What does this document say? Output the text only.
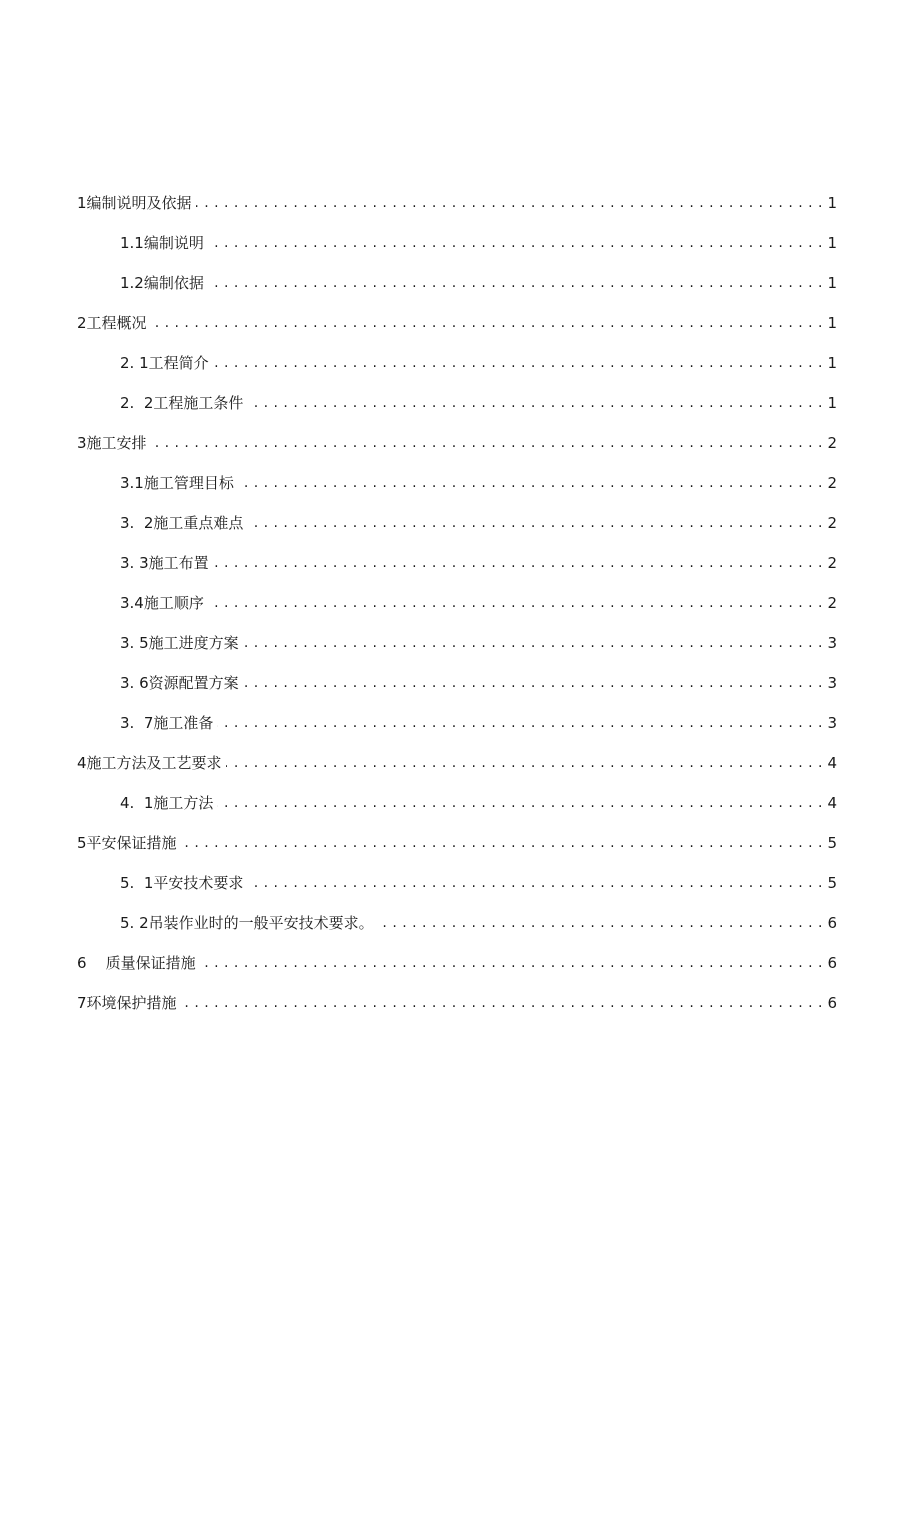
1编制说明及依据 . . .	1
1.1编制说明 . . .	1
1.2编制依据 . . .	1
2工程概况 . . .	1
2. 1工程简介 . . .	1
2.  2工程施工条件 . . .	1
3施工安排 . . .	2
3.1施工管理目标 . . .	2
3.  2施工重点难点 . . .	2
3. 3施工布置 . . .	2
3.4施工顺序 . . .	2
3. 5施工进度方案 . . .	3
3. 6资源配置方案 . . .	3
3.  7施工准备 . . .	3
4施工方法及工艺要求 . . .	4
4.  1施工方法 . . .	4
5平安保证措施 . . .	5
5.  1平安技术要求 . . .	5
5. 2吊装作业时的一般平安技术要求。 . . .	6
6    质量保证措施 . . .	6
7环境保护措施 . . .	6
